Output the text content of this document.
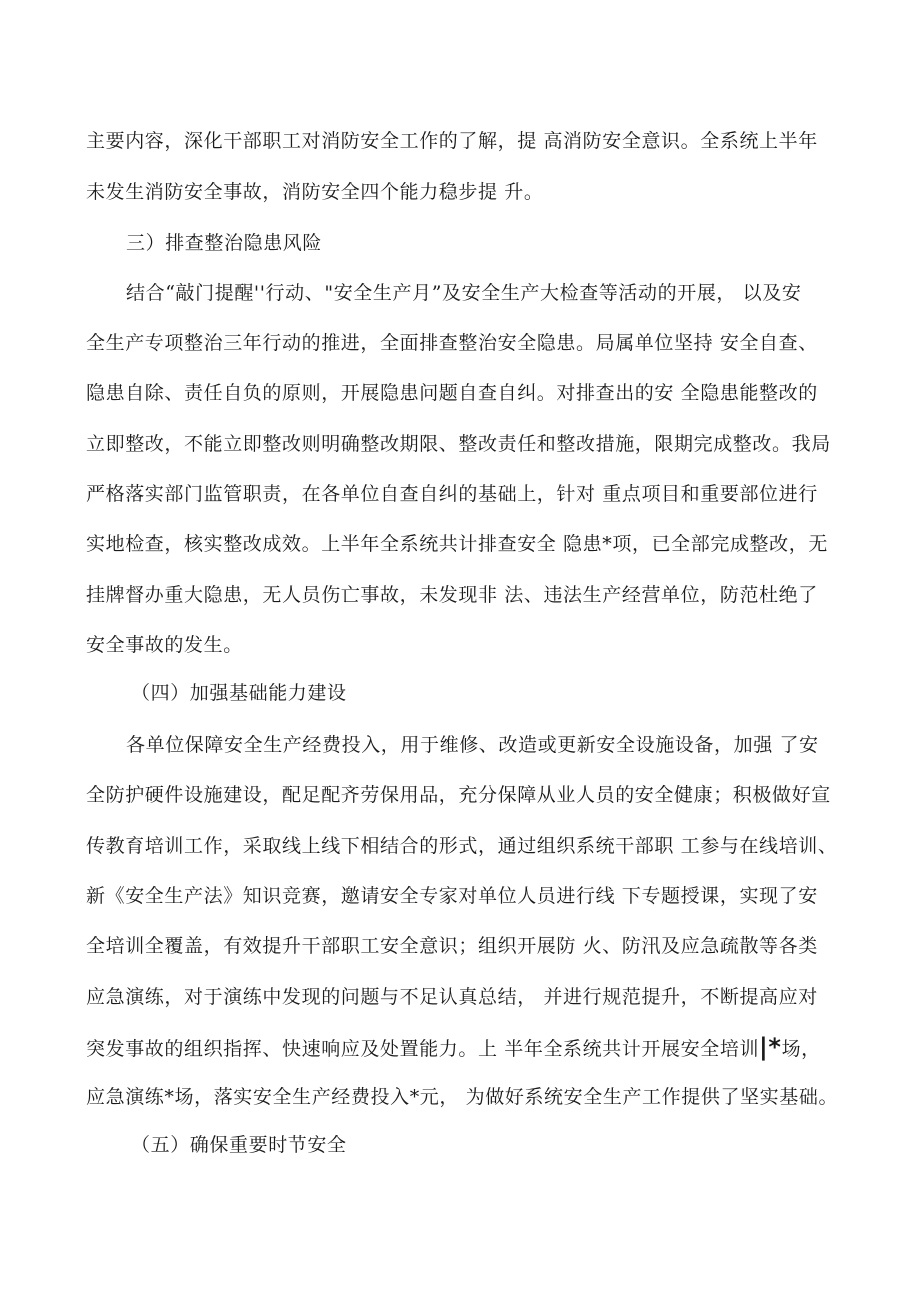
主要内容，深化干部职工对消防安全工作的了解，提 高消防安全意识。全系统上半年
未发生消防安全事故，消防安全四个能力稳步提 升。
三）排查整治隐患风险
结合“敲门提醒''行动、"安全生产月”及安全生产大检查等活动的开展， 以及安
全生产专项整治三年行动的推进，全面排查整治安全隐患。局属单位坚持 安全自查、
隐患自除、责任自负的原则，开展隐患问题自查自纠。对排查出的安 全隐患能整改的
立即整改，不能立即整改则明确整改期限、整改责任和整改措施，限期完成整改。我局
严格落实部门监管职责，在各单位自查自纠的基础上，针对 重点项目和重要部位进行
实地检查，核实整改成效。上半年全系统共计排查安全 隐患*项，已全部完成整改，无
挂牌督办重大隐患，无人员伤亡事故，未发现非 法、违法生产经营单位，防范杜绝了
安全事故的发生。
（四）加强基础能力建设
各单位保障安全生产经费投入，用于维修、改造或更新安全设施设备，加强 了安
全防护硬件设施建设，配足配齐劳保用品，充分保障从业人员的安全健康；积极做好宣
传教育培训工作，采取线上线下相结合的形式，通过组织系统干部职 工参与在线培训、
新《安全生产法》知识竞赛，邀请安全专家对单位人员进行线 下专题授课，实现了安
全培训全覆盖，有效提升干部职工安全意识；组织开展防 火、防汛及应急疏散等各类
应急演练，对于演练中发现的问题与不足认真总结， 并进行规范提升，不断提高应对
突发事故的组织指挥、快速响应及处置能力。上 半年全系统共计开展安全培训|*场，
应急演练*场，落实安全生产经费投入*元， 为做好系统安全生产工作提供了坚实基础。
（五）确保重要时节安全
